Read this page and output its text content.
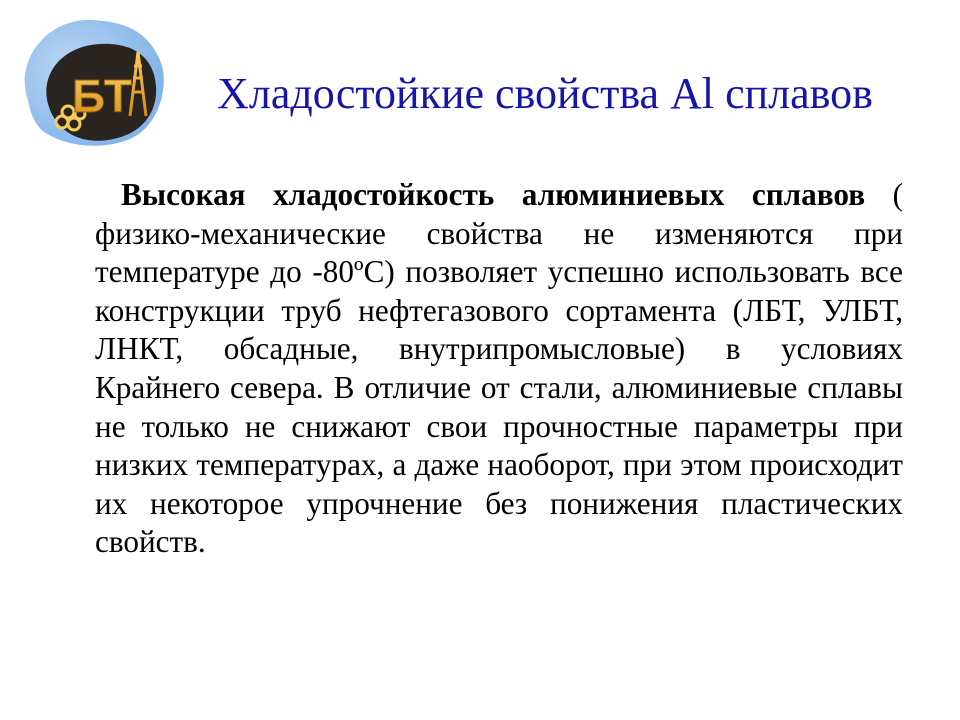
БТ	Хладостойкие свойства Al сплавов

Высокая хладостойкость алюминиевых сплавов ( физико-механические свойства не изменяются при температуре до -80ºС) позволяет успешно использовать все конструкции труб нефтегазового сортамента (ЛБТ, УЛБТ, ЛНКТ, обсадные, внутрипромысловые) в условиях Крайнего севера. В отличие от стали, алюминиевые сплавы не только не снижают свои прочностные параметры при низких температурах, а даже наоборот, при этом происходит их некоторое упрочнение без понижения пластических свойств.
